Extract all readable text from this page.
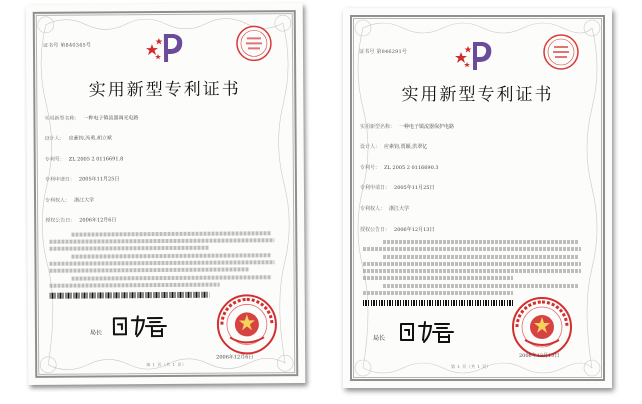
证书号 第840345号
实用新型专利证书
实用新型名称： 一种电子镇流器调光电路
设计人： 应素钧,冯勇,胡立斌
专利号： ZL 2005 2 0116691.8
专利申请日： 2005年11月25日
专利权人： 浙江大学
授权公告日： 2006年12月6日
局长
2006年12月6日
第 1 页（共 1 页）
证书号 第846291号
实用新型专利证书
实用新型名称： 一种电子镇流器保护电路
设计人： 应素钧,贾颖,洪翠亿
专利号： ZL 2005 2 0116690.3
专利申请日： 2005年11月25日
专利权人： 浙江大学
授权公告日： 2006年12月13日
局长
2006年12月13日
第 1 页（共 1 页）
